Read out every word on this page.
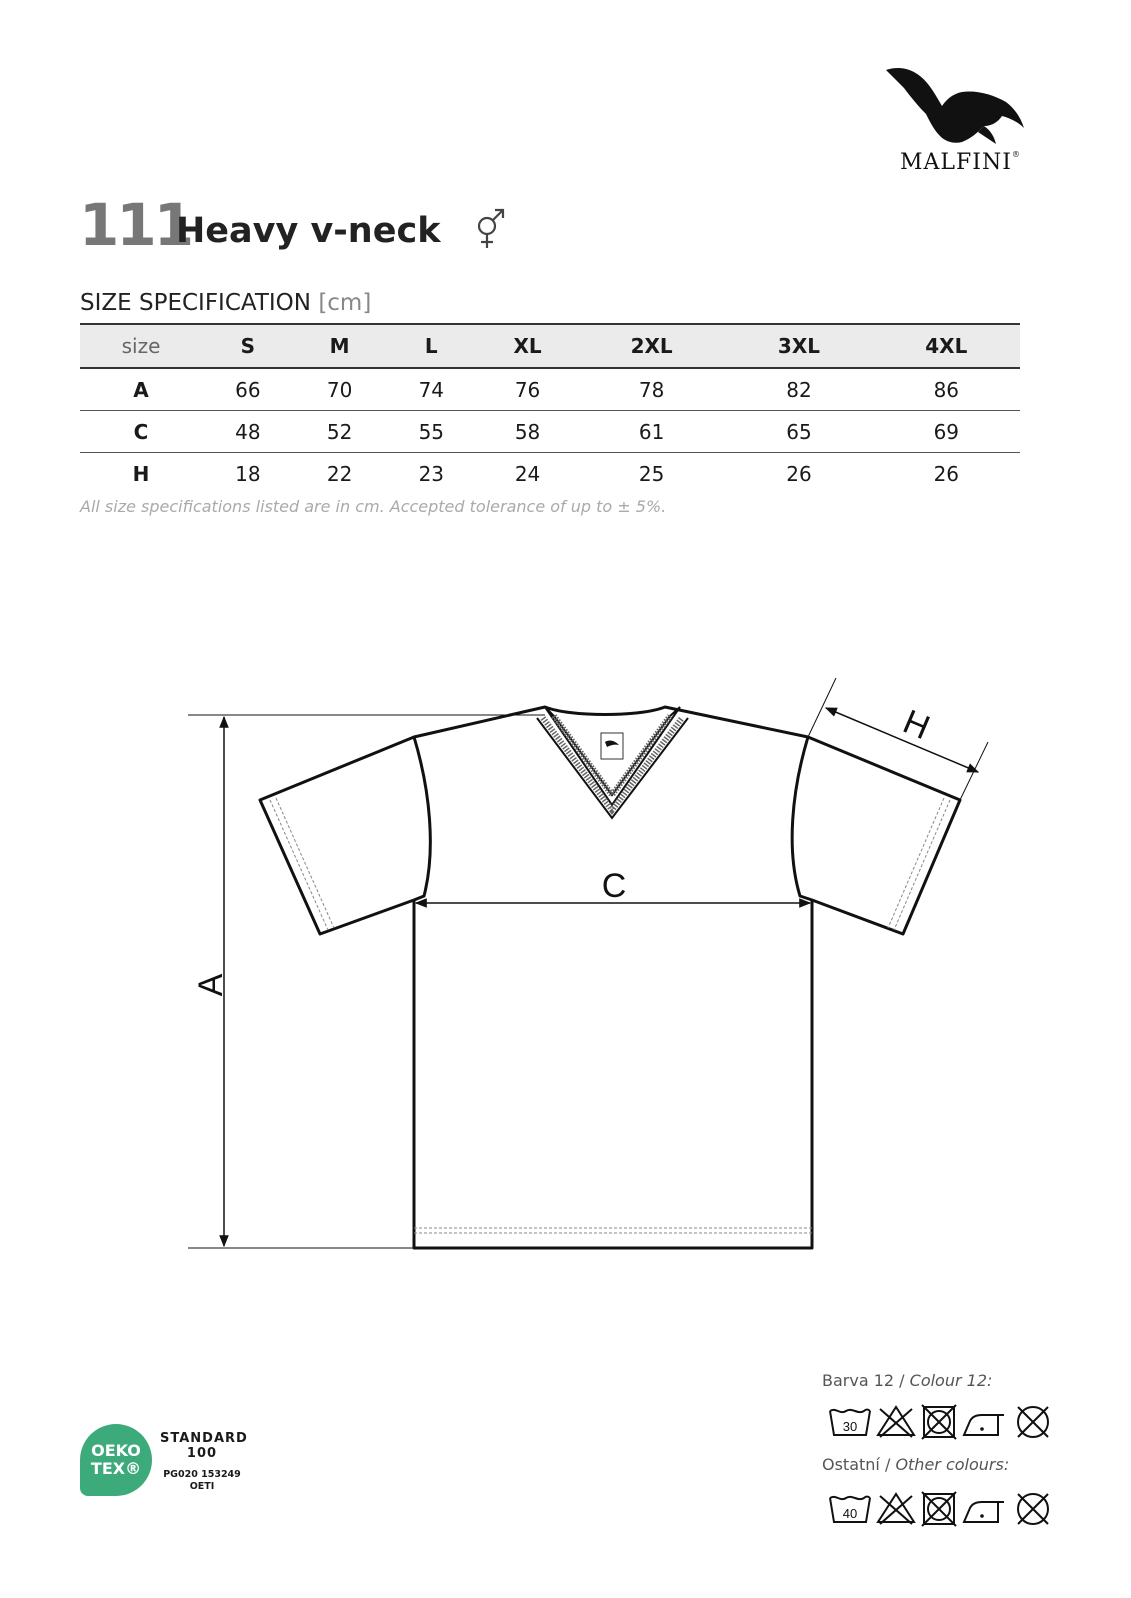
MALFINI®
111
Heavy v-neck
SIZE SPECIFICATION [cm]
size	S	M	L	XL	2XL	3XL	4XL
A	66	70	74	76	78	82	86
C	48	52	55	58	61	65	69
H	18	22	23	24	25	26	26
All size specifications listed are in cm. Accepted tolerance of up to ± 5%.
A
C
H
Barva 12 / Colour 12:
30
Ostatní / Other colours:
40
OEKO
TEX®
STANDARD
100
PG020 153249
OETI
